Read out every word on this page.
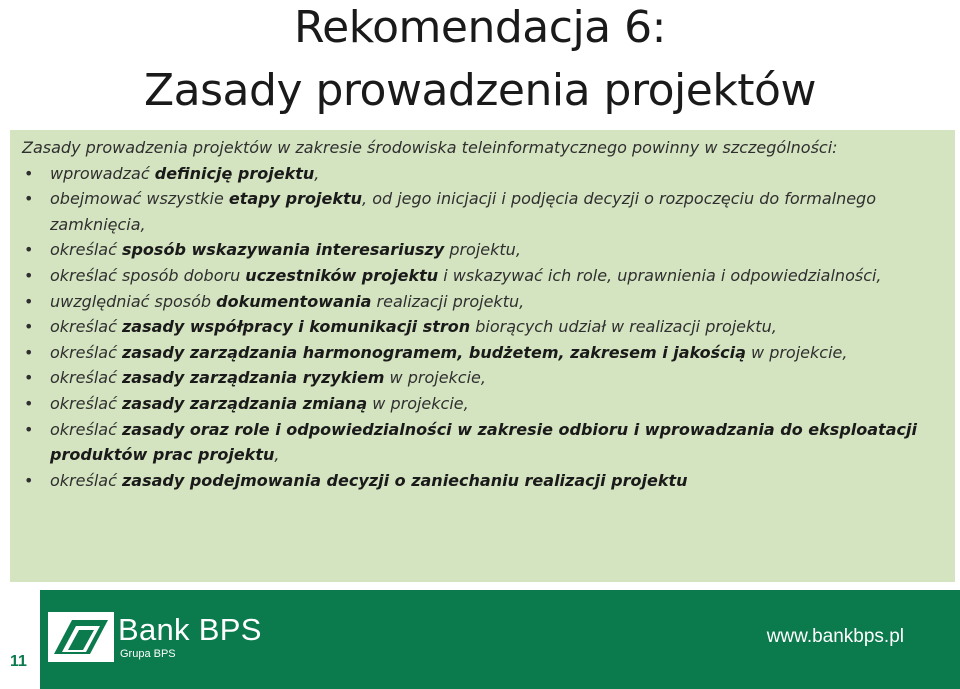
Rekomendacja 6:
Zasady prowadzenia projektów

Zasady prowadzenia projektów w zakresie środowiska teleinformatycznego powinny w szczególności:

• wprowadzać definicję projektu,
• obejmować wszystkie etapy projektu, od jego inicjacji i podjęcia decyzji o rozpoczęciu do formalnego zamknięcia,
• określać sposób wskazywania interesariuszy projektu,
• określać sposób doboru uczestników projektu i wskazywać ich role, uprawnienia i odpowiedzialności,
• uwzględniać sposób dokumentowania realizacji projektu,
• określać zasady współpracy i komunikacji stron biorących udział w realizacji projektu,
• określać zasady zarządzania harmonogramem, budżetem, zakresem i jakością w projekcie,
• określać zasady zarządzania ryzykiem w projekcie,
• określać zasady zarządzania zmianą w projekcie,
• określać zasady oraz role i odpowiedzialności w zakresie odbioru i wprowadzania do eksploatacji produktów prac projektu,
• określać zasady podejmowania decyzji o zaniechaniu realizacji projektu
11
Bank BPS
Grupa BPS
www.bankbps.pl
